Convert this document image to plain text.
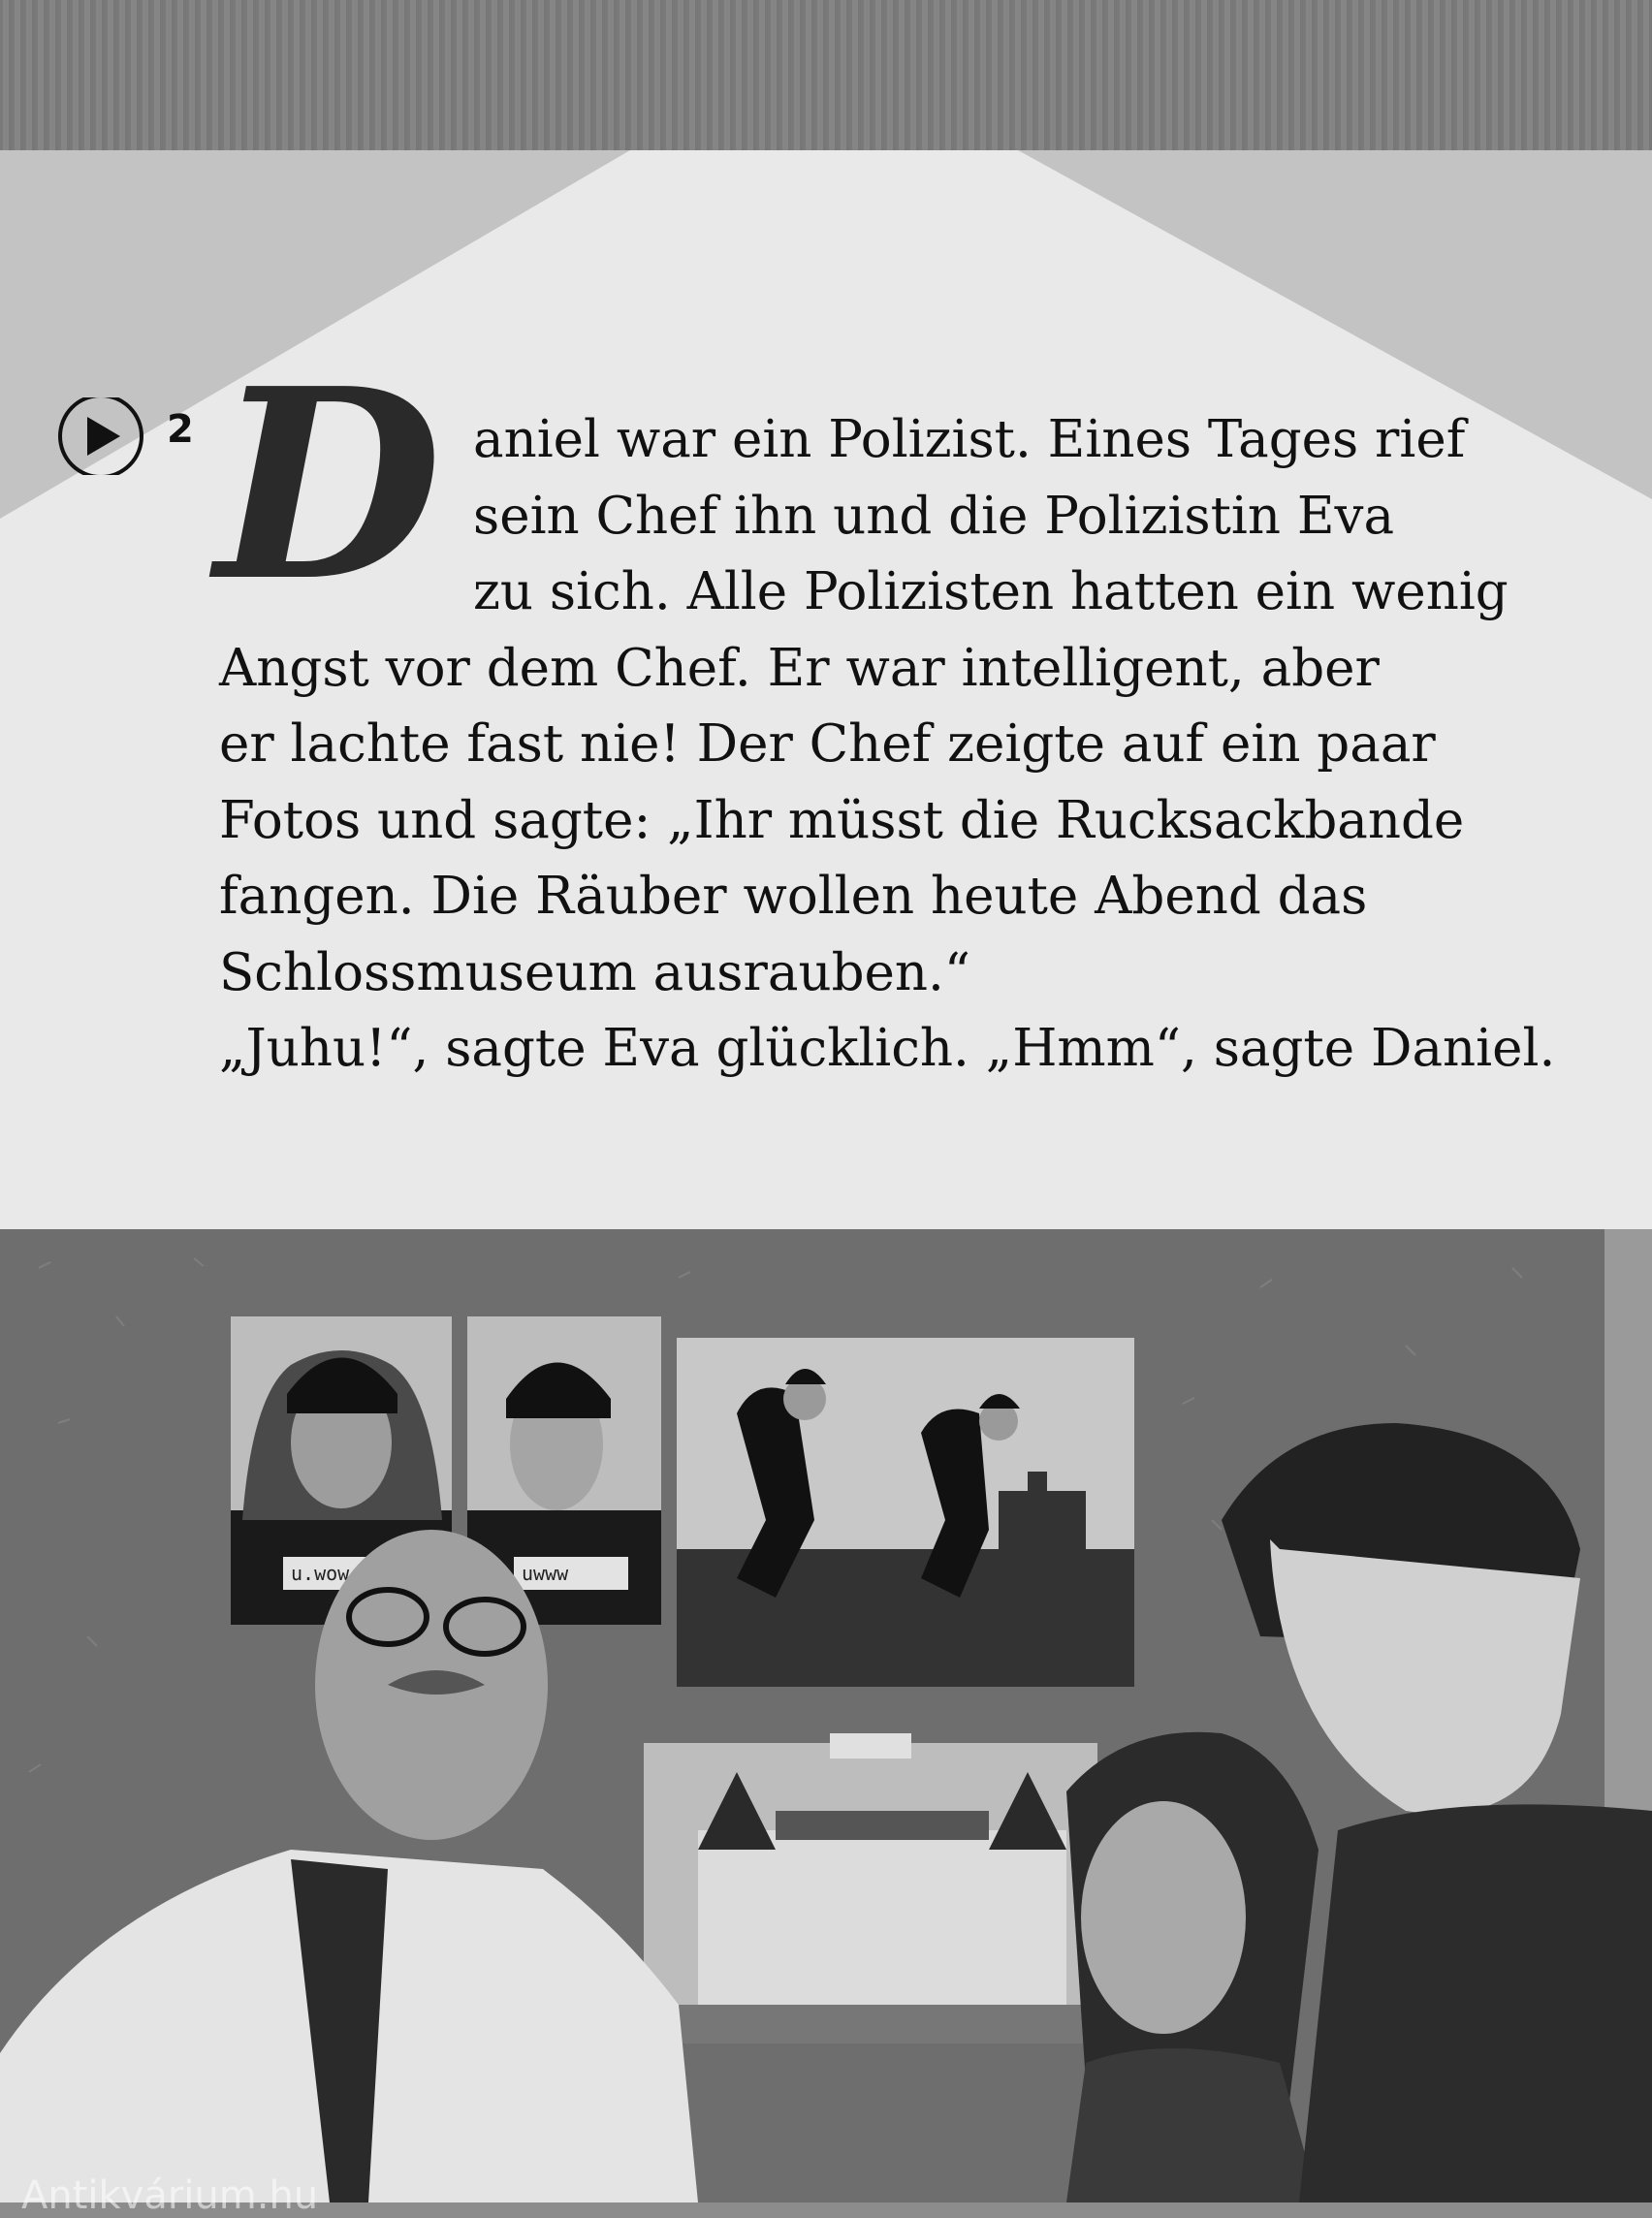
2 D aniel war ein Polizist. Eines Tages rief
sein Chef ihn und die Polizistin Eva
zu sich. Alle Polizisten hatten ein wenig
Angst vor dem Chef. Er war intelligent, aber
er lachte fast nie! Der Chef zeigte auf ein paar
Fotos und sagte: „Ihr müsst die Rucksackbande
fangen. Die Räuber wollen heute Abend das
Schlossmuseum ausrauben.“
„Juhu!“, sagte Eva glücklich. „Hmm“, sagte Daniel.
u.wow	uwww
Antikvárium.hu
